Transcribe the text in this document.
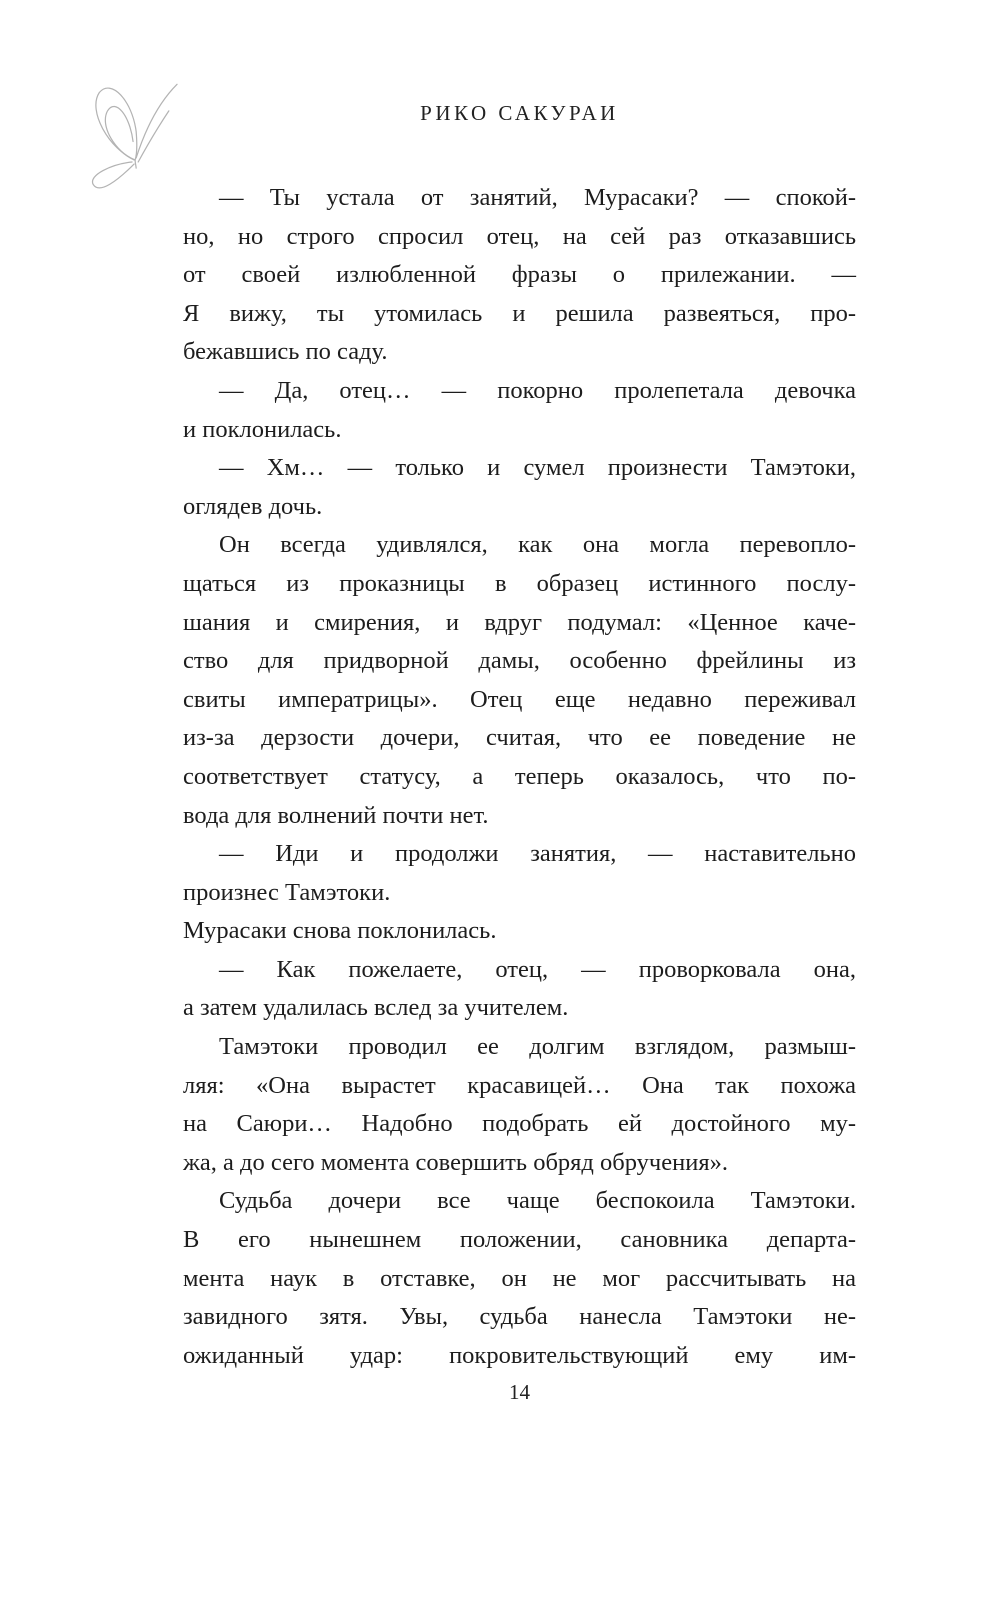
РИКО САКУРАИ
— Ты устала от занятий, Мурасаки? — спокой-
но, но строго спросил отец, на сей раз отказавшись
от своей излюбленной фразы о прилежании. —
Я вижу, ты утомилась и решила развеяться, про-
бежавшись по саду.
— Да, отец… — покорно пролепетала девочка
и поклонилась.
— Хм… — только и сумел произнести Тамэтоки,
оглядев дочь.
Он всегда удивлялся, как она могла перевопло-
щаться из проказницы в образец истинного послу-
шания и смирения, и вдруг подумал: «Ценное каче-
ство для придворной дамы, особенно фрейлины из
свиты императрицы». Отец еще недавно переживал
из-за дерзости дочери, считая, что ее поведение не
соответствует статусу, а теперь оказалось, что по-
вода для волнений почти нет.
— Иди и продолжи занятия, — наставительно
произнес Тамэтоки.
Мурасаки снова поклонилась.
— Как пожелаете, отец, — проворковала она,
а затем удалилась вслед за учителем.
Тамэтоки проводил ее долгим взглядом, размыш-
ляя: «Она вырастет красавицей… Она так похожа
на Саюри… Надобно подобрать ей достойного му-
жа, а до сего момента совершить обряд обручения».
Судьба дочери все чаще беспокоила Тамэтоки.
В его нынешнем положении, сановника департа-
мента наук в отставке, он не мог рассчитывать на
завидного зятя. Увы, судьба нанесла Тамэтоки не-
ожиданный удар: покровительствующий ему им-
14
